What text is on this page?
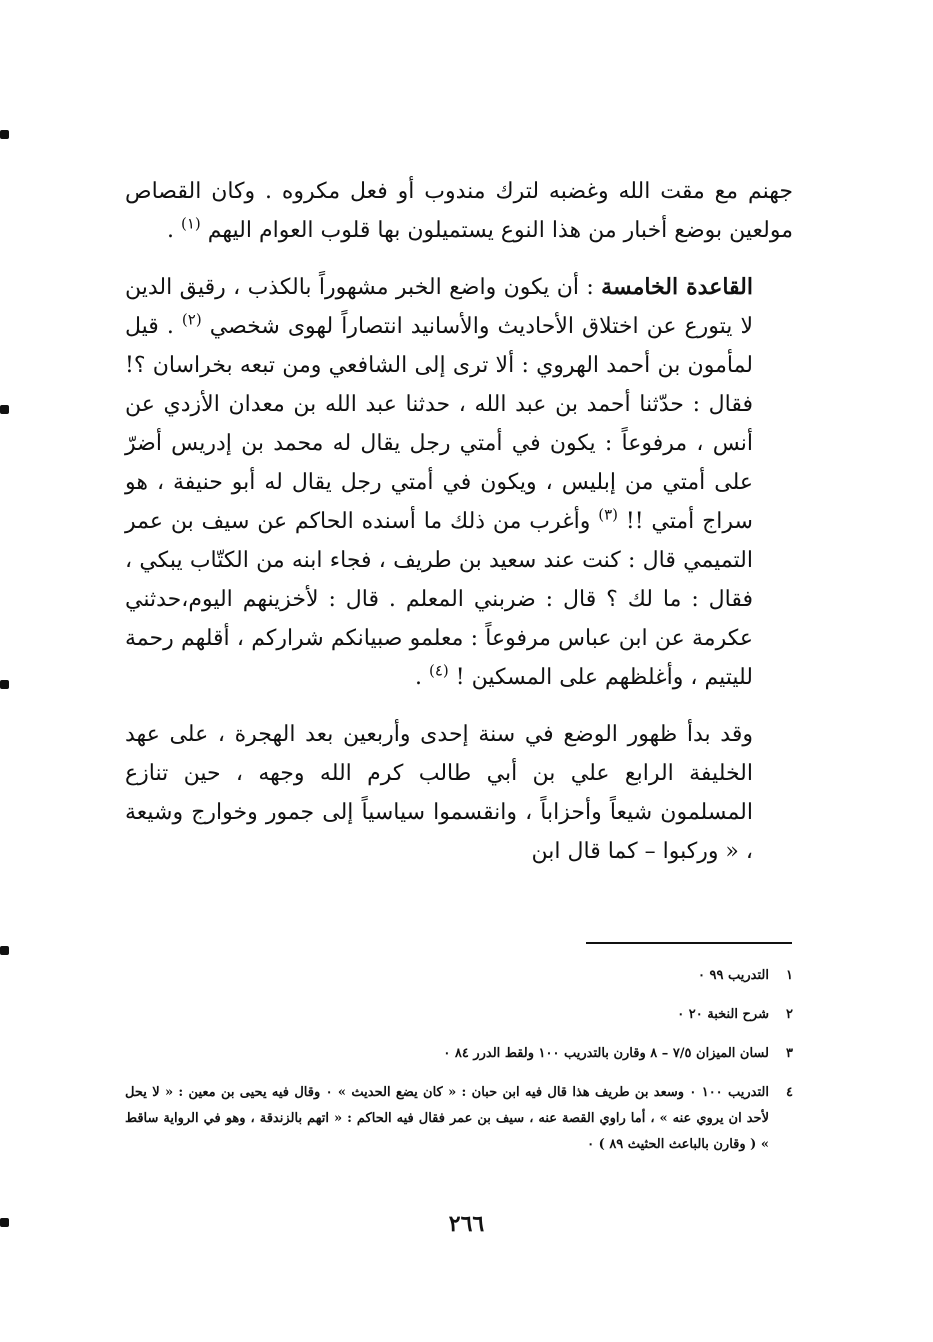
جهنم مع مقت الله وغضبه لترك مندوب أو فعل مكروه . وكان القصاص مولعين بوضع أخبار من هذا النوع يستميلون بها قلوب العوام اليهم $^{(١)}$ .

القاعدة الخامسة : أن يكون واضع الخبر مشهوراً بالكذب ، رقيق الدين لا يتورع عن اختلاق الأحاديث والأسانيد انتصاراً لهوى شخصي $^{(٢)}$ . قيل لمأمون بن أحمد الهروي : ألا ترى إلى الشافعي ومن تبعه بخراسان ؟! فقال : حدّثنا أحمد بن عبد الله ، حدثنا عبد الله بن معدان الأزدي عن أنس ، مرفوعاً : يكون في أمتي رجل يقال له محمد بن إدريس أضرّ على أمتي من إبليس ، ويكون في أمتي رجل يقال له أبو حنيفة ، هو سراج أمتي !! $^{(٣)}$ وأغرب من ذلك ما أسنده الحاكم عن سيف بن عمر التميمي قال : كنت عند سعيد بن طريف ، فجاء ابنه من الكتّاب يبكي ، فقال : ما لك ؟ قال : ضربني المعلم . قال : لأخزينهم اليوم،حدثني عكرمة عن ابن عباس مرفوعاً : معلمو صبيانكم شراركم ، أقلهم رحمة لليتيم ، وأغلظهم على المسكين ! $^{(٤)}$ .

وقد بدأ ظهور الوضع في سنة إحدى وأربعين بعد الهجرة ، على عهد الخليفة الرابع علي بن أبي طالب كرم الله وجهه ، حين تنازع المسلمون شيعاً وأحزاباً ، وانقسموا سياسياً إلى جمور وخوارج وشيعة ، « وركبوا – كما قال ابن

١
التدريب ٩٩ ٠
٢
شرح النخبة ٢٠ ٠
٣
لسان الميزان ٧/٥ – ٨ وقارن بالتدريب ١٠٠ ولقط الدرر ٨٤ ٠
٤
التدريب ١٠٠ ٠ وسعد بن طريف هذا قال فيه ابن حبان : « كان يضع الحديث » ٠ وقال فيه يحيى بن معين : « لا يحل لأحد ان يروي عنه » ، أما راوي القصة عنه ، سيف بن عمر فقال فيه الحاكم : « اتهم بالزندقة ، وهو في الرواية ساقط » ( وقارن بالباعث الحثيث ٨٩ ) ٠
٢٦٦
